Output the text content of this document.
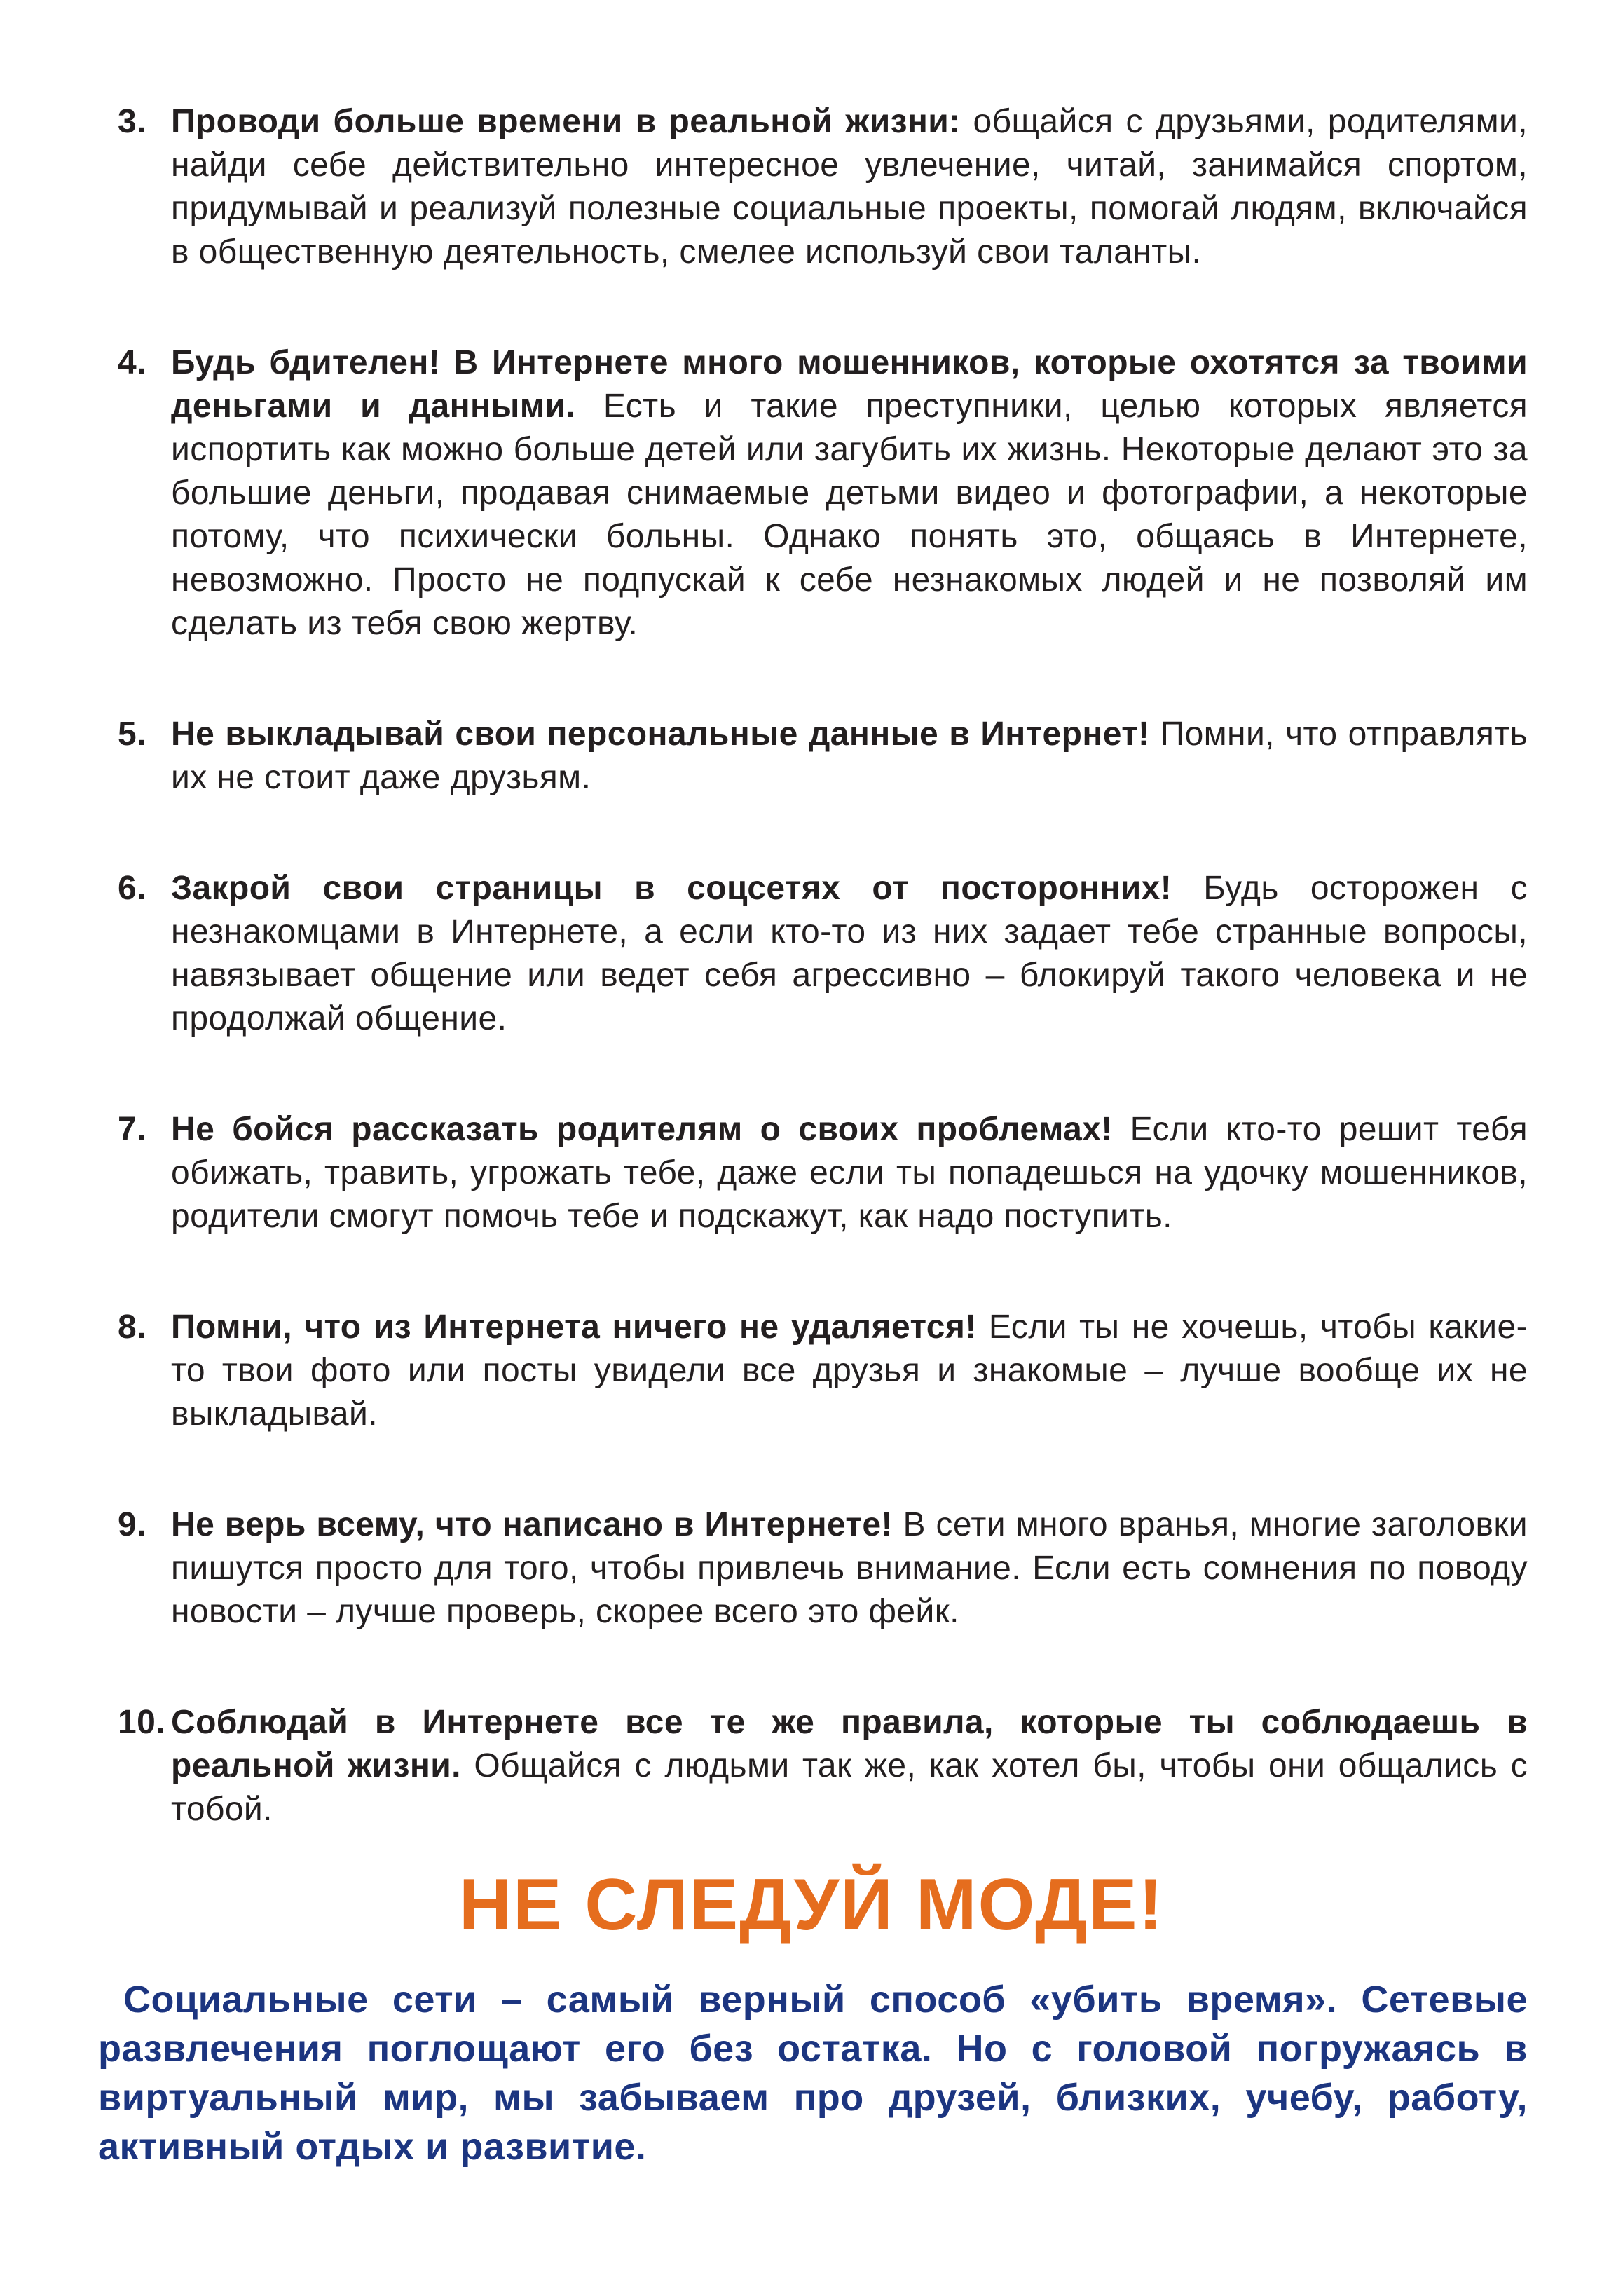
3. Проводи больше времени в реальной жизни: общайся с друзьями, родителями, найди себе действительно интересное увлечение, читай, занимайся спортом, придумывай и реализуй полезные социальные проекты, помогай людям, включайся в общественную деятельность, смелее используй свои таланты.
4. Будь бдителен! В Интернете много мошенников, которые охотятся за твоими деньгами и данными. Есть и такие преступники, целью которых является испортить как можно больше детей или загубить их жизнь. Некоторые делают это за большие деньги, продавая снимаемые детьми видео и фотографии, а некоторые потому, что психически больны. Однако понять это, общаясь в Интернете, невозможно. Просто не подпускай к себе незнакомых людей и не позволяй им сделать из тебя свою жертву.
5. Не выкладывай свои персональные данные в Интернет! Помни, что отправлять их не стоит даже друзьям.
6. Закрой свои страницы в соцсетях от посторонних! Будь осторожен с незнакомцами в Интернете, а если кто-то из них задает тебе странные вопросы, навязывает общение или ведет себя агрессивно – блокируй такого человека и не продолжай общение.
7. Не бойся рассказать родителям о своих проблемах! Если кто-то решит тебя обижать, травить, угрожать тебе, даже если ты попадешься на удочку мошенников, родители смогут помочь тебе и подскажут, как надо поступить.
8. Помни, что из Интернета ничего не удаляется! Если ты не хочешь, чтобы какие-то твои фото или посты увидели все друзья и знакомые – лучше вообще их не выкладывай.
9. Не верь всему, что написано в Интернете! В сети много вранья, многие заголовки пишутся просто для того, чтобы привлечь внимание. Если есть сомнения по поводу новости – лучше проверь, скорее всего это фейк.
10. Соблюдай в Интернете все те же правила, которые ты соблюдаешь в реальной жизни. Общайся с людьми так же, как хотел бы, чтобы они общались с тобой.
НЕ СЛЕДУЙ МОДЕ!

Социальные сети – самый верный способ «убить время». Сетевые развлечения поглощают его без остатка. Но с головой погружаясь в виртуальный мир, мы забываем про друзей, близких, учебу, работу, активный отдых и развитие.
